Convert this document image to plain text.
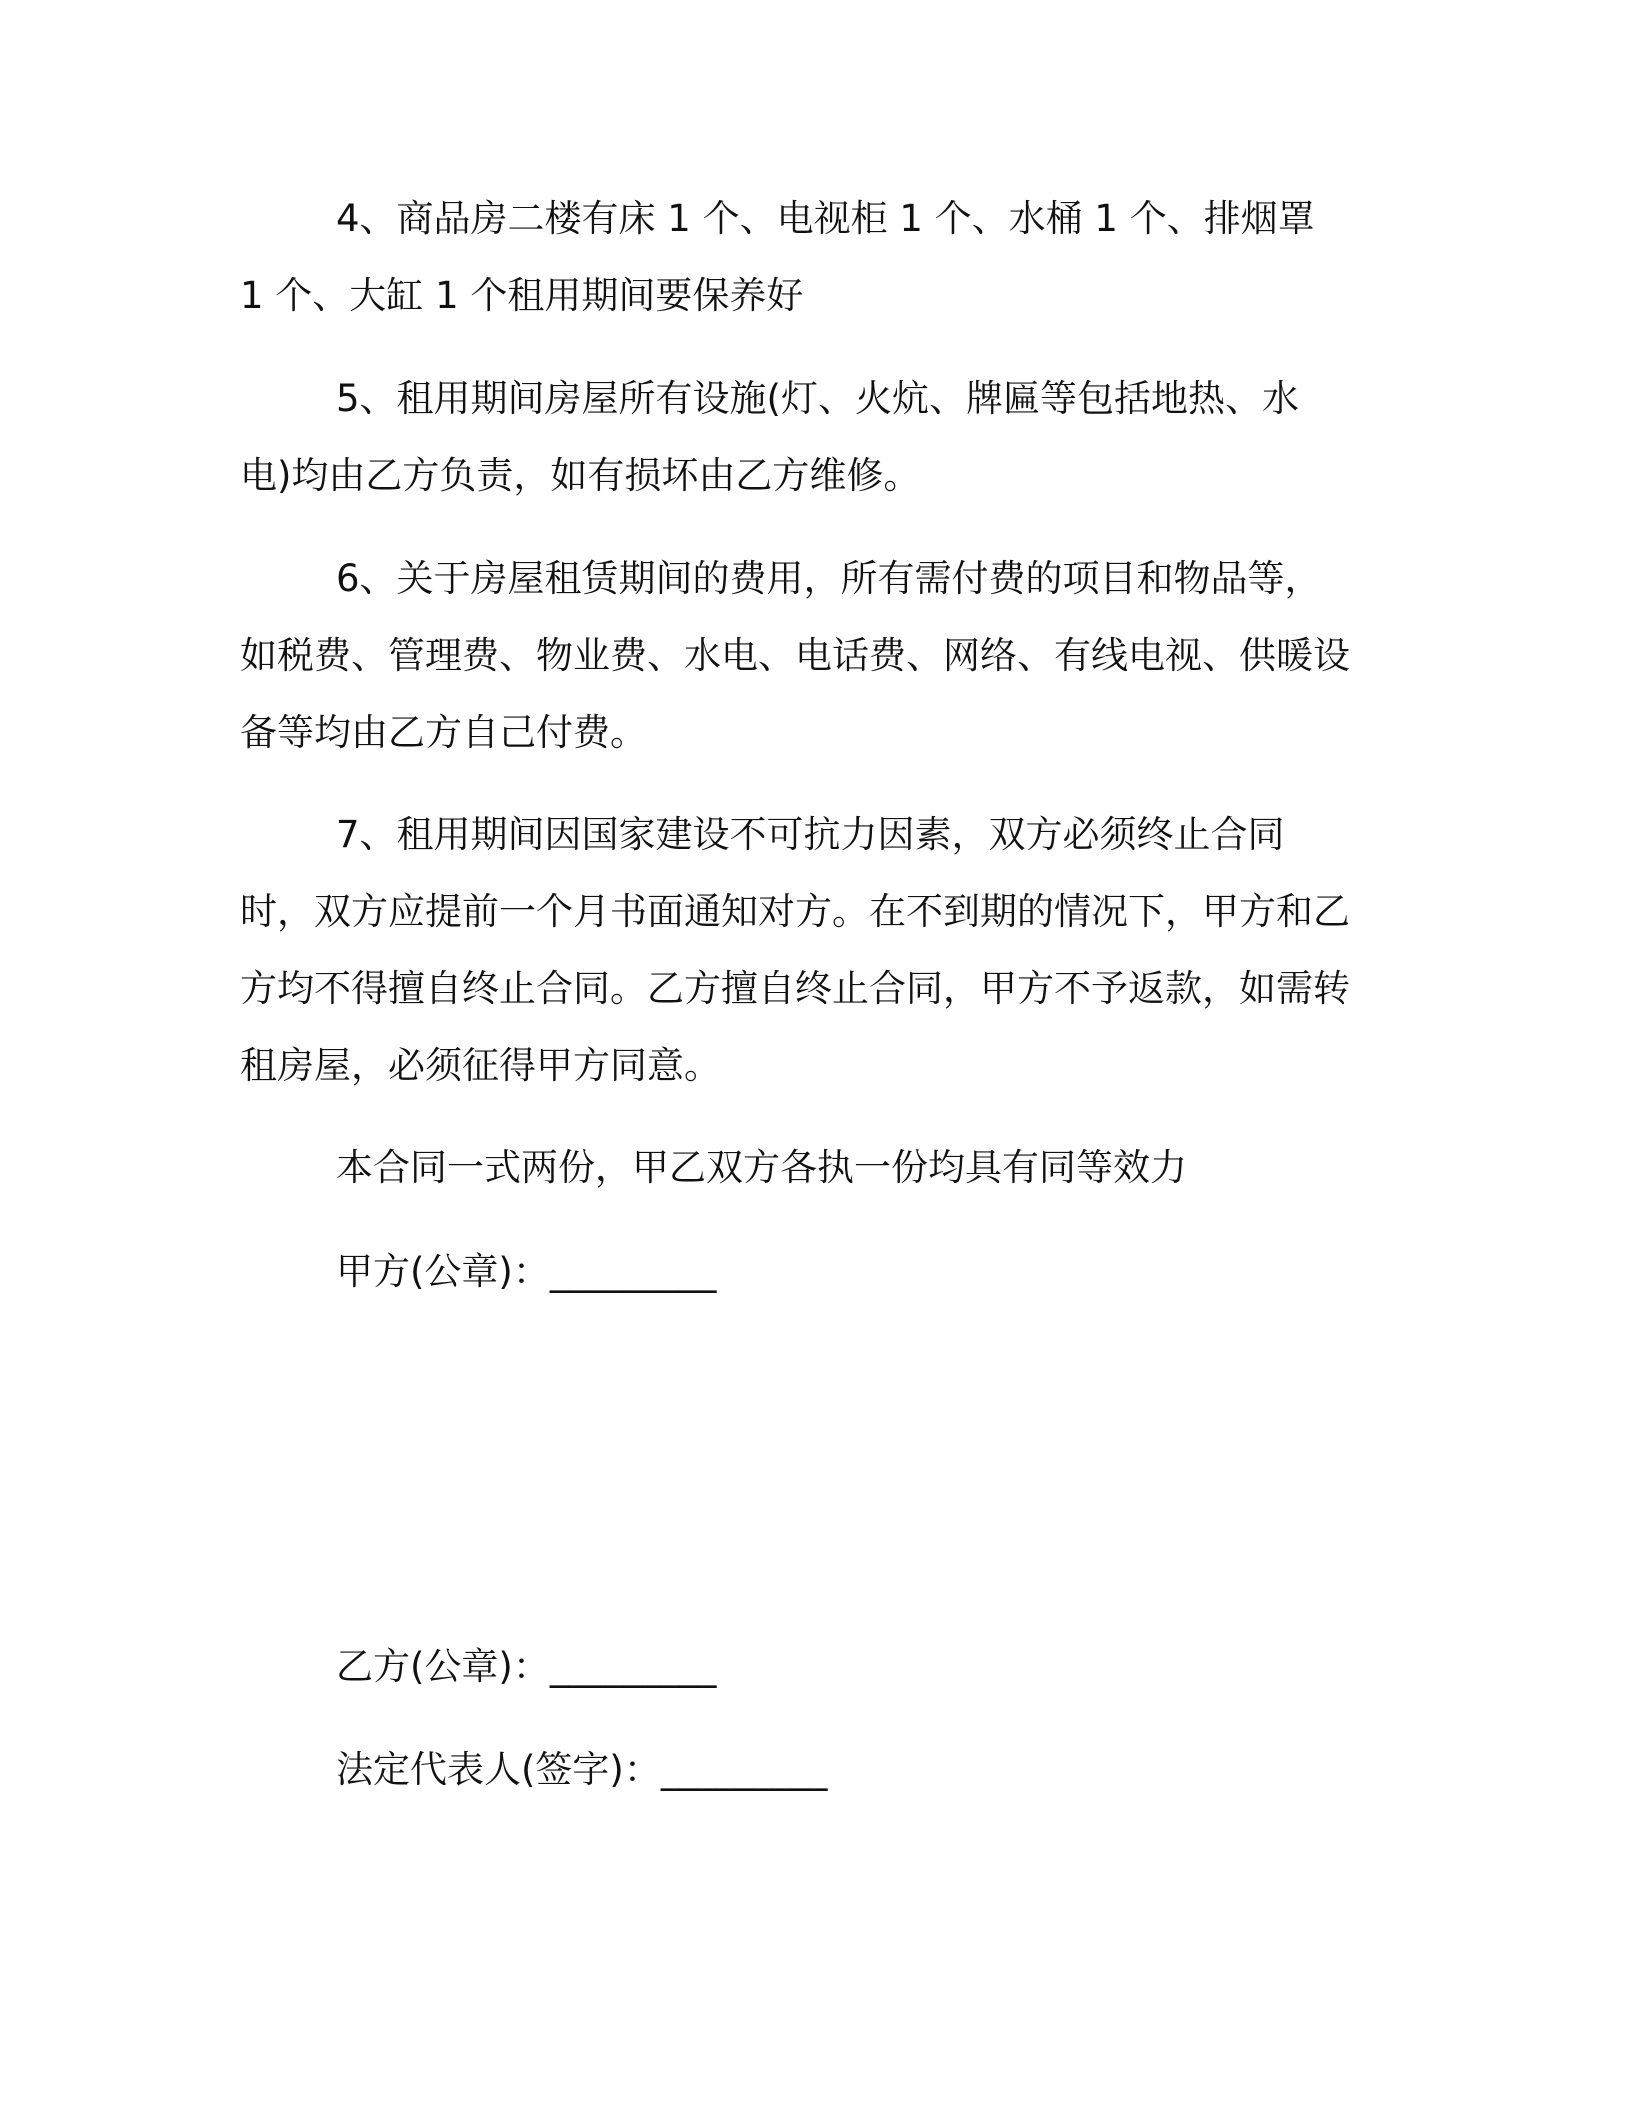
4、商品房二楼有床 1 个、电视柜 1 个、水桶 1 个、排烟罩 1 个、大缸 1 个租用期间要保养好

5、租用期间房屋所有设施(灯、火炕、牌匾等包括地热、水电)均由乙方负责，如有损坏由乙方维修。

6、关于房屋租赁期间的费用，所有需付费的项目和物品等，如税费、管理费、物业费、水电、电话费、网络、有线电视、供暖设备等均由乙方自己付费。

7、租用期间因国家建设不可抗力因素，双方必须终止合同时，双方应提前一个月书面通知对方。在不到期的情况下，甲方和乙方均不得擅自终止合同。乙方擅自终止合同，甲方不予返款，如需转租房屋，必须征得甲方同意。

本合同一式两份，甲乙双方各执一份均具有同等效力

甲方(公章)：_________

乙方(公章)：_________

法定代表人(签字)：_________
